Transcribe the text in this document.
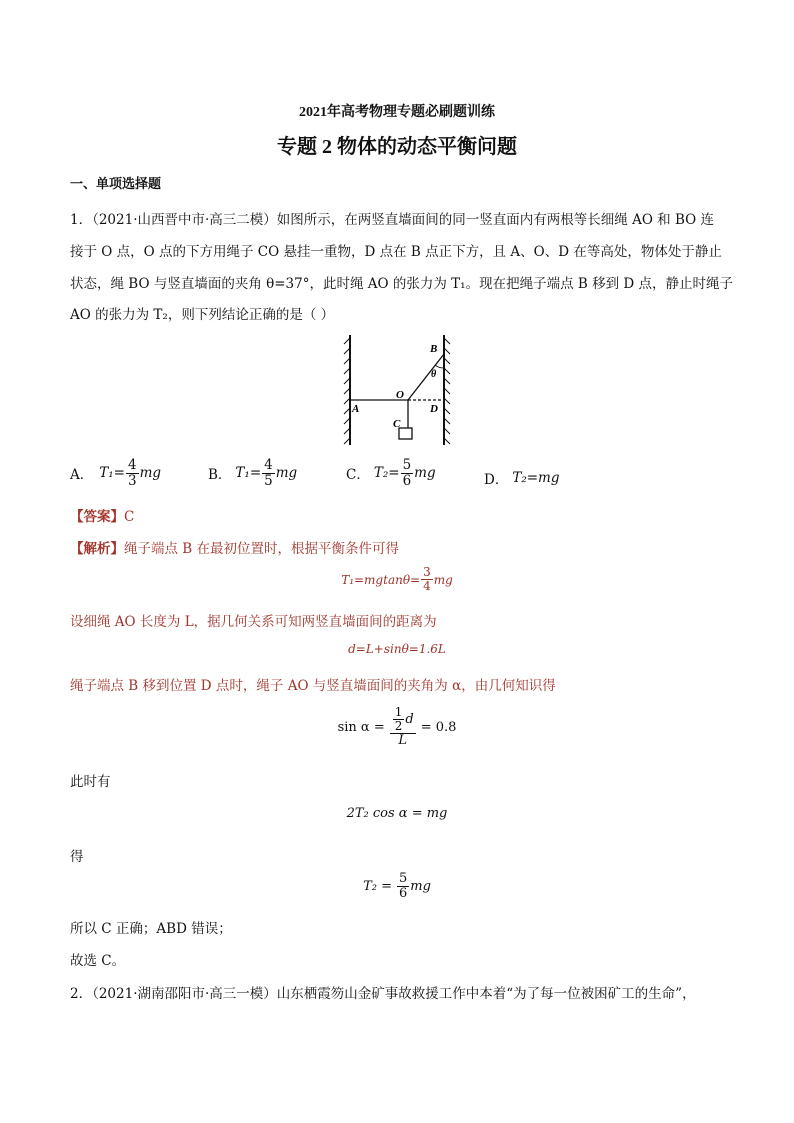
2021年高考物理专题必刷题训练
专题 2 物体的动态平衡问题
一、单项选择题
1．（2021·山西晋中市·高三二模）如图所示，在两竖直墙面间的同一竖直面内有两根等长细绳 AO 和 BO 连
接于 O 点，O 点的下方用绳子 CO 悬挂一重物，D 点在 B 点正下方，且 A、O、D 在等高处，物体处于静止
状态，绳 BO 与竖直墙面的夹角 θ=37°，此时绳 AO 的张力为 T₁。现在把绳子端点 B 移到 D 点，静止时绳子
AO 的张力为 T₂，则下列结论正确的是（ ）
A
B
C
D
O
θ
A． $T_1= \frac{4}{3}$ mg	B． $T_1= \frac{4}{5}$ mg	C． $T_2= \frac{5}{6}$ mg	D． T₂=mg
【答案】C
【解析】绳子端点 B 在最初位置时，根据平衡条件可得
$T_1=mgtan\theta= \frac{3}{4}$ mg
设细绳 AO 长度为 L，据几何关系可知两竖直墙面间的距离为
d=L+sinθ=1.6L
绳子端点 B 移到位置 D 点时，绳子 AO 与竖直墙面间的夹角为 α，由几何知识得
$\sin \alpha = \frac{\frac{1}{2} d}{L} = 0.8$
此时有
2T₂ cos α = mg
得
$T_2 = \frac{5}{6}$ mg
所以 C 正确；ABD 错误；
故选 C。
2．（2021·湖南邵阳市·高三一模）山东栖霞笏山金矿事故救援工作中本着“为了每一位被困矿工的生命”，
